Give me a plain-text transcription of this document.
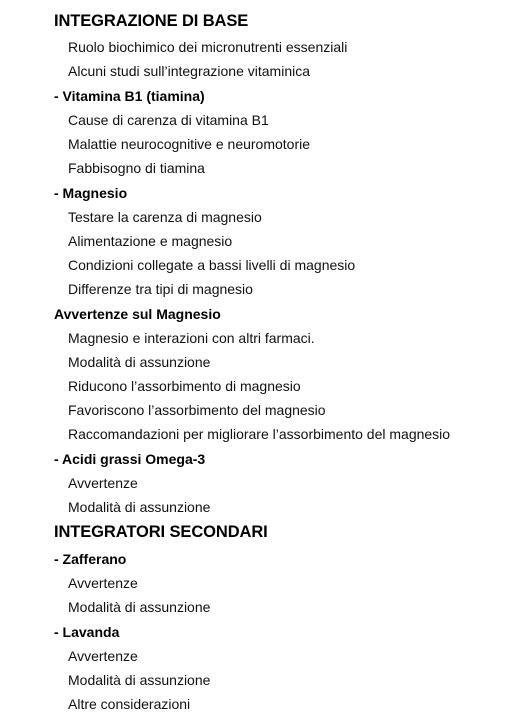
INTEGRAZIONE DI BASE
Ruolo biochimico dei micronutrenti essenziali
Alcuni studi sull’integrazione vitaminica
- Vitamina B1 (tiamina)
Cause di carenza di vitamina B1
Malattie neurocognitive e neuromotorie
Fabbisogno di tiamina
- Magnesio
Testare la carenza di magnesio
Alimentazione e magnesio
Condizioni collegate a bassi livelli di magnesio
Differenze tra tipi di magnesio
Avvertenze sul Magnesio
Magnesio e interazioni con altri farmaci.
Modalità di assunzione
Riducono l’assorbimento di magnesio
Favoriscono l’assorbimento del magnesio
Raccomandazioni per migliorare l’assorbimento del magnesio
- Acidi grassi Omega-3
Avvertenze
Modalità di assunzione
INTEGRATORI SECONDARI
- Zafferano
Avvertenze
Modalità di assunzione
- Lavanda
Avvertenze
Modalità di assunzione
Altre considerazioni
